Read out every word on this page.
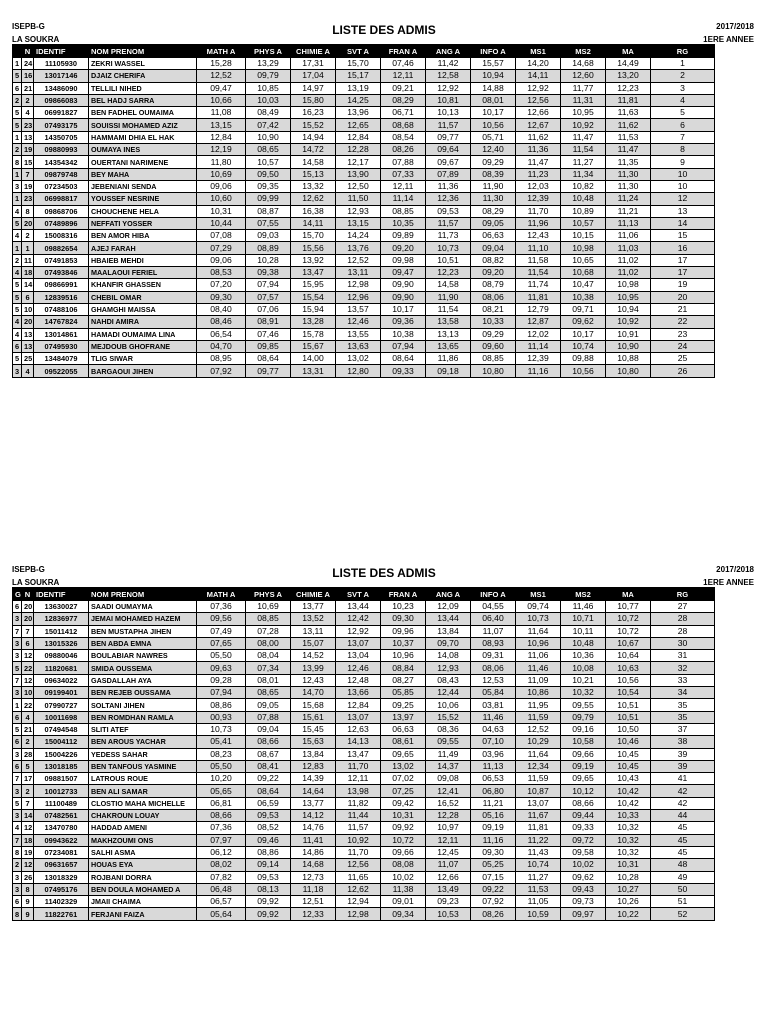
ISEPB-G
LA SOUKRA
LISTE DES ADMIS	2017/2018
1ERE ANNEE
	N	IDENTIF	NOM PRENOM	MATH A	PHYS A	CHIMIE A	SVT A	FRAN A	ANG A	INFO A	MS1	MS2	MA	RG
1	24	11105930	ZEKRI WASSEL	15,28	13,29	17,31	15,70	07,46	11,42	15,57	14,20	14,68	14,49	1
5	16	13017146	DJAIZ CHERIFA	12,52	09,79	17,04	15,17	12,11	12,58	10,94	14,11	12,60	13,20	2
6	21	13486090	TELLILI NIHED	09,47	10,85	14,97	13,19	09,21	12,92	14,88	12,92	11,77	12,23	3
2	2	09866083	BEL HADJ SARRA	10,66	10,03	15,80	14,25	08,29	10,81	08,01	12,56	11,31	11,81	4
5	4	06991827	BEN FADHEL OUMAIMA	11,08	08,49	16,23	13,96	06,71	10,13	10,17	12,66	10,95	11,63	5
5	23	07493175	SOUISSI MOHAMED AZIZ	13,15	07,42	15,52	12,65	08,68	11,57	10,56	12,67	10,92	11,62	6
1	13	14350705	HAMMAMI DHIA EL HAK	12,84	10,90	14,94	12,84	08,54	09,77	05,71	11,62	11,47	11,53	7
2	19	09880993	OUMAYA INES	12,19	08,65	14,72	12,28	08,26	09,64	12,40	11,36	11,54	11,47	8
8	15	14354342	OUERTANI NARIMENE	11,80	10,57	14,58	12,17	07,88	09,67	09,29	11,47	11,27	11,35	9
1	7	09879748	BEY MAHA	10,69	09,50	15,13	13,90	07,33	07,89	08,39	11,23	11,34	11,30	10
3	19	07234503	JEBENIANI SENDA	09,06	09,35	13,32	12,50	12,11	11,36	11,90	12,03	10,82	11,30	10
1	23	06998817	YOUSSEF NESRINE	10,60	09,99	12,62	11,50	11,14	12,36	11,30	12,39	10,48	11,24	12
4	8	09868706	CHOUCHENE HELA	10,31	08,87	16,38	12,93	08,85	09,53	08,29	11,70	10,89	11,21	13
5	20	07489896	NEFFATI YOSSER	10,44	07,55	14,11	13,15	10,35	11,57	09,05	11,96	10,57	11,13	14
4	2	15008316	BEN AMOR HIBA	07,08	09,03	15,70	14,24	09,89	11,73	06,63	12,43	10,15	11,06	15
1	1	09882654	AJEJ FARAH	07,29	08,89	15,56	13,76	09,20	10,73	09,04	11,10	10,98	11,03	16
2	11	07491853	HBAIEB MEHDI	09,06	10,28	13,92	12,52	09,98	10,51	08,82	11,58	10,65	11,02	17
4	18	07493846	MAALAOUI FERIEL	08,53	09,38	13,47	13,11	09,47	12,23	09,20	11,54	10,68	11,02	17
5	14	09866991	KHANFIR GHASSEN	07,20	07,94	15,95	12,98	09,90	14,58	08,79	11,74	10,47	10,98	19
5	6	12839516	CHEBIL OMAR	09,30	07,57	15,54	12,96	09,90	11,90	08,06	11,81	10,38	10,95	20
5	10	07488106	GHAMGHI MAISSA	08,40	07,06	15,94	13,57	10,17	11,54	08,21	12,79	09,71	10,94	21
4	20	14767824	NAHDI AMIRA	08,46	08,91	13,28	12,46	09,36	13,58	10,33	12,87	09,62	10,92	22
4	13	13014861	HAMADI OUMAIMA LINA	06,54	07,46	15,78	13,55	10,38	13,13	09,29	12,02	10,17	10,91	23
6	13	07495930	MEJDOUB GHOFRANE	04,70	09,85	15,67	13,63	07,94	13,65	09,60	11,14	10,74	10,90	24
5	25	13484079	TLIG SIWAR	08,95	08,64	14,00	13,02	08,64	11,86	08,85	12,39	09,88	10,88	25
3	4	09522055	BARGAOUI JIHEN	07,92	09,77	13,31	12,80	09,33	09,18	10,80	11,16	10,56	10,80	26
ISEPB-G
LA SOUKRA
LISTE DES ADMIS	2017/2018
1ERE ANNEE
G	N	IDENTIF	NOM PRENOM	MATH A	PHYS A	CHIMIE A	SVT A	FRAN A	ANG A	INFO A	MS1	MS2	MA	RG
6	20	13630027	SAADI OUMAYMA	07,36	10,69	13,77	13,44	10,23	12,09	04,55	09,74	11,46	10,77	27
3	20	12836977	JEMAI MOHAMED HAZEM	09,56	08,85	13,52	12,42	09,30	13,44	06,40	10,73	10,71	10,72	28
7	7	15011412	BEN MUSTAPHA JIHEN	07,49	07,28	13,11	12,92	09,96	13,84	11,07	11,64	10,11	10,72	28
3	6	13015326	BEN ABDA EMNA	07,65	08,00	15,07	13,07	10,37	09,70	08,93	10,96	10,48	10,67	30
3	12	09880046	BOULABIAR NAWRES	05,50	08,04	14,52	13,04	10,96	14,08	09,31	11,06	10,36	10,64	31
5	22	11820681	SMIDA OUSSEMA	09,63	07,34	13,99	12,46	08,84	12,93	08,06	11,46	10,08	10,63	32
7	12	09634022	GASDALLAH AYA	09,28	08,01	12,43	12,48	08,27	08,43	12,53	11,09	10,21	10,56	33
3	10	09199401	BEN REJEB OUSSAMA	07,94	08,65	14,70	13,66	05,85	12,44	05,84	10,86	10,32	10,54	34
1	22	07990727	SOLTANI JIHEN	08,86	09,05	15,68	12,84	09,25	10,06	03,81	11,95	09,55	10,51	35
6	4	10011698	BEN ROMDHAN RAMLA	00,93	07,88	15,61	13,07	13,97	15,52	11,46	11,59	09,79	10,51	35
5	21	07494548	SLITI ATEF	10,73	09,04	15,45	12,63	06,63	08,36	04,63	12,52	09,16	10,50	37
6	2	15004112	BEN AROUS YACHAR	05,41	08,66	15,63	14,13	08,61	09,55	07,10	10,29	10,58	10,46	38
3	28	15004226	YEDESS SAHAR	08,23	08,67	13,84	13,47	09,65	11,49	03,96	11,64	09,66	10,45	39
6	5	13018185	BEN TANFOUS YASMINE	05,50	08,41	12,83	11,70	13,02	14,37	11,13	12,34	09,19	10,45	39
7	17	09881507	LATROUS ROUE	10,20	09,22	14,39	12,11	07,02	09,08	06,53	11,59	09,65	10,43	41
3	2	10012733	BEN ALI SAMAR	05,65	08,64	14,64	13,98	07,25	12,41	06,80	10,87	10,12	10,42	42
5	7	11100489	CLOSTIO MAHA MICHELLE	06,81	06,59	13,77	11,82	09,42	16,52	11,21	13,07	08,66	10,42	42
3	14	07482561	CHAKROUN LOUAY	08,66	09,53	14,12	11,44	10,31	12,28	05,16	11,67	09,44	10,33	44
4	12	13470780	HADDAD AMENI	07,36	08,52	14,76	11,57	09,92	10,97	09,19	11,81	09,33	10,32	45
7	18	09943622	MAKHZOUMI ONS	07,97	09,46	11,41	10,92	10,72	12,11	11,16	11,22	09,72	10,32	45
8	19	07234081	SALHI ASMA	06,12	08,86	14,86	11,70	09,66	12,45	09,30	11,43	09,58	10,32	45
2	12	09631657	HOUAS EYA	08,02	09,14	14,68	12,56	08,08	11,07	05,25	10,74	10,02	10,31	48
3	26	13018329	ROJBANI DORRA	07,82	09,53	12,73	11,65	10,02	12,66	07,15	11,27	09,62	10,28	49
3	8	07495176	BEN DOULA MOHAMED A	06,48	08,13	11,18	12,62	11,38	13,49	09,22	11,53	09,43	10,27	50
6	9	11402329	JMAII CHAIMA	06,57	09,92	12,51	12,94	09,01	09,23	07,92	11,05	09,73	10,26	51
8	9	11822761	FERJANI FAIZA	05,64	09,92	12,33	12,98	09,34	10,53	08,26	10,59	09,97	10,22	52
